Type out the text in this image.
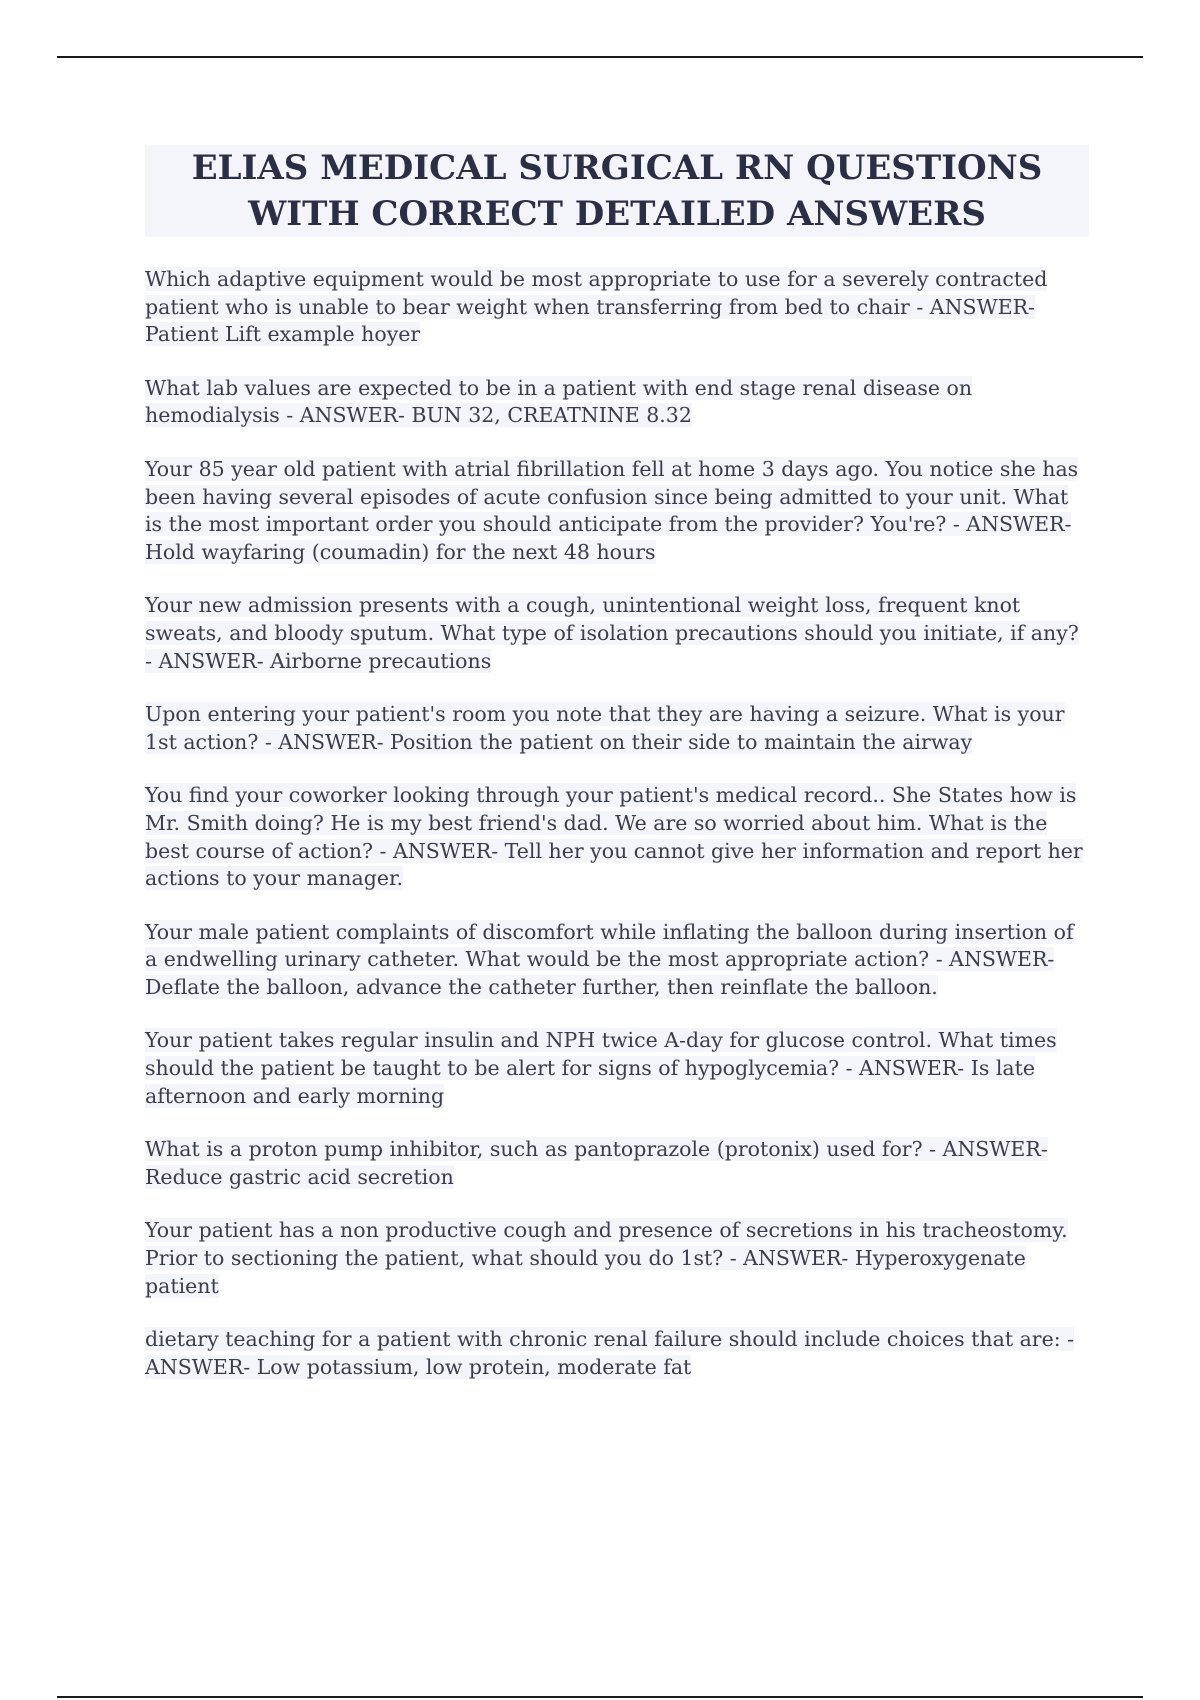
ELIAS MEDICAL SURGICAL RN QUESTIONS
WITH CORRECT DETAILED ANSWERS

Which adaptive equipment would be most appropriate to use for a severely contracted patient who is unable to bear weight when transferring from bed to chair - ANSWER- Patient Lift example hoyer

What lab values are expected to be in a patient with end stage renal disease on hemodialysis - ANSWER- BUN 32, CREATNINE 8.32

Your 85 year old patient with atrial fibrillation fell at home 3 days ago. You notice she has been having several episodes of acute confusion since being admitted to your unit. What is the most important order you should anticipate from the provider? You're? - ANSWER- Hold wayfaring (coumadin) for the next 48 hours

Your new admission presents with a cough, unintentional weight loss, frequent knot sweats, and bloody sputum. What type of isolation precautions should you initiate, if any? - ANSWER- Airborne precautions

Upon entering your patient's room you note that they are having a seizure. What is your 1st action? - ANSWER- Position the patient on their side to maintain the airway

You find your coworker looking through your patient's medical record.. She States how is Mr. Smith doing? He is my best friend's dad. We are so worried about him. What is the best course of action? - ANSWER- Tell her you cannot give her information and report her actions to your manager.

Your male patient complaints of discomfort while inflating the balloon during insertion of a endwelling urinary catheter. What would be the most appropriate action? - ANSWER- Deflate the balloon, advance the catheter further, then reinflate the balloon.

Your patient takes regular insulin and NPH twice A-day for glucose control. What times should the patient be taught to be alert for signs of hypoglycemia? - ANSWER- Is late afternoon and early morning

What is a proton pump inhibitor, such as pantoprazole (protonix) used for? - ANSWER- Reduce gastric acid secretion

Your patient has a non productive cough and presence of secretions in his tracheostomy. Prior to sectioning the patient, what should you do 1st? - ANSWER- Hyperoxygenate patient

dietary teaching for a patient with chronic renal failure should include choices that are: - ANSWER- Low potassium, low protein, moderate fat
